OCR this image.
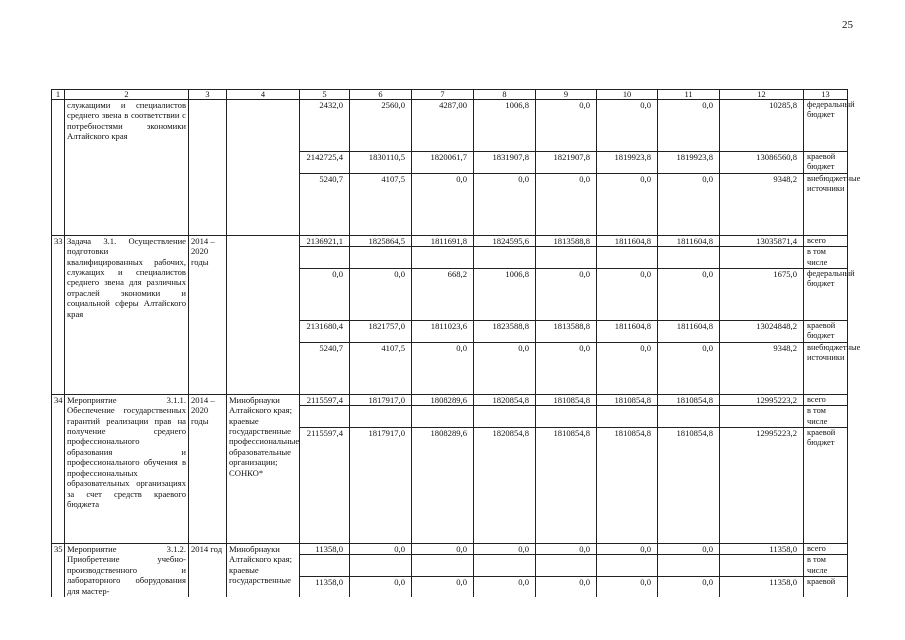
25
1	2	3	4	5	6	7	8	9	10	11	12	13
	служащими и специалистов среднего звена в соответствии с потребностями экономики Алтайского края			2432,0	2560,0	4287,00	1006,8	0,0	0,0	0,0	10285,8	федеральный бюджет
				2142725,4	1830110,5	1820061,7	1831907,8	1821907,8	1819923,8	1819923,8	13086560,8	краевой бюджет
				5240,7	4107,5	0,0	0,0	0,0	0,0	0,0	9348,2	внебюджетные источники
33	Задача 3.1. Осуществление подготовки квалифицированных рабочих, служащих и специалистов среднего звена для различных отраслей экономики и социальной сферы Алтайского края	2014 – 2020 годы		2136921,1	1825864,5	1811691,8	1824595,6	1813588,8	1811604,8	1811604,8	13035871,4	всего
												в том числе
				0,0	0,0	668,2	1006,8	0,0	0,0	0,0	1675,0	федеральный бюджет
				2131680,4	1821757,0	1811023,6	1823588,8	1813588,8	1811604,8	1811604,8	13024848,2	краевой бюджет
				5240,7	4107,5	0,0	0,0	0,0	0,0	0,0	9348,2	внебюджетные источники
34	Мероприятие 3.1.1. Обеспечение государственных гарантий реализации прав на получение среднего профессионального образования и профессионального обучения в профессиональных образовательных организациях за счет средств краевого бюджета	2014 – 2020 годы	Минобрнауки Алтайского края; краевые государственные профессиональные образовательные организации; СОНКО*	2115597,4	1817917,0	1808289,6	1820854,8	1810854,8	1810854,8	1810854,8	12995223,2	всего
												в том числе
				2115597,4	1817917,0	1808289,6	1820854,8	1810854,8	1810854,8	1810854,8	12995223,2	краевой бюджет
35	Мероприятие 3.1.2. Приобретение учебно-производственного и лабораторного оборудования для мастер-	2014 год	Минобрнауки Алтайского края; краевые государственные	11358,0	0,0	0,0	0,0	0,0	0,0	0,0	11358,0	всего
												в том числе
				11358,0	0,0	0,0	0,0	0,0	0,0	0,0	11358,0	краевой
